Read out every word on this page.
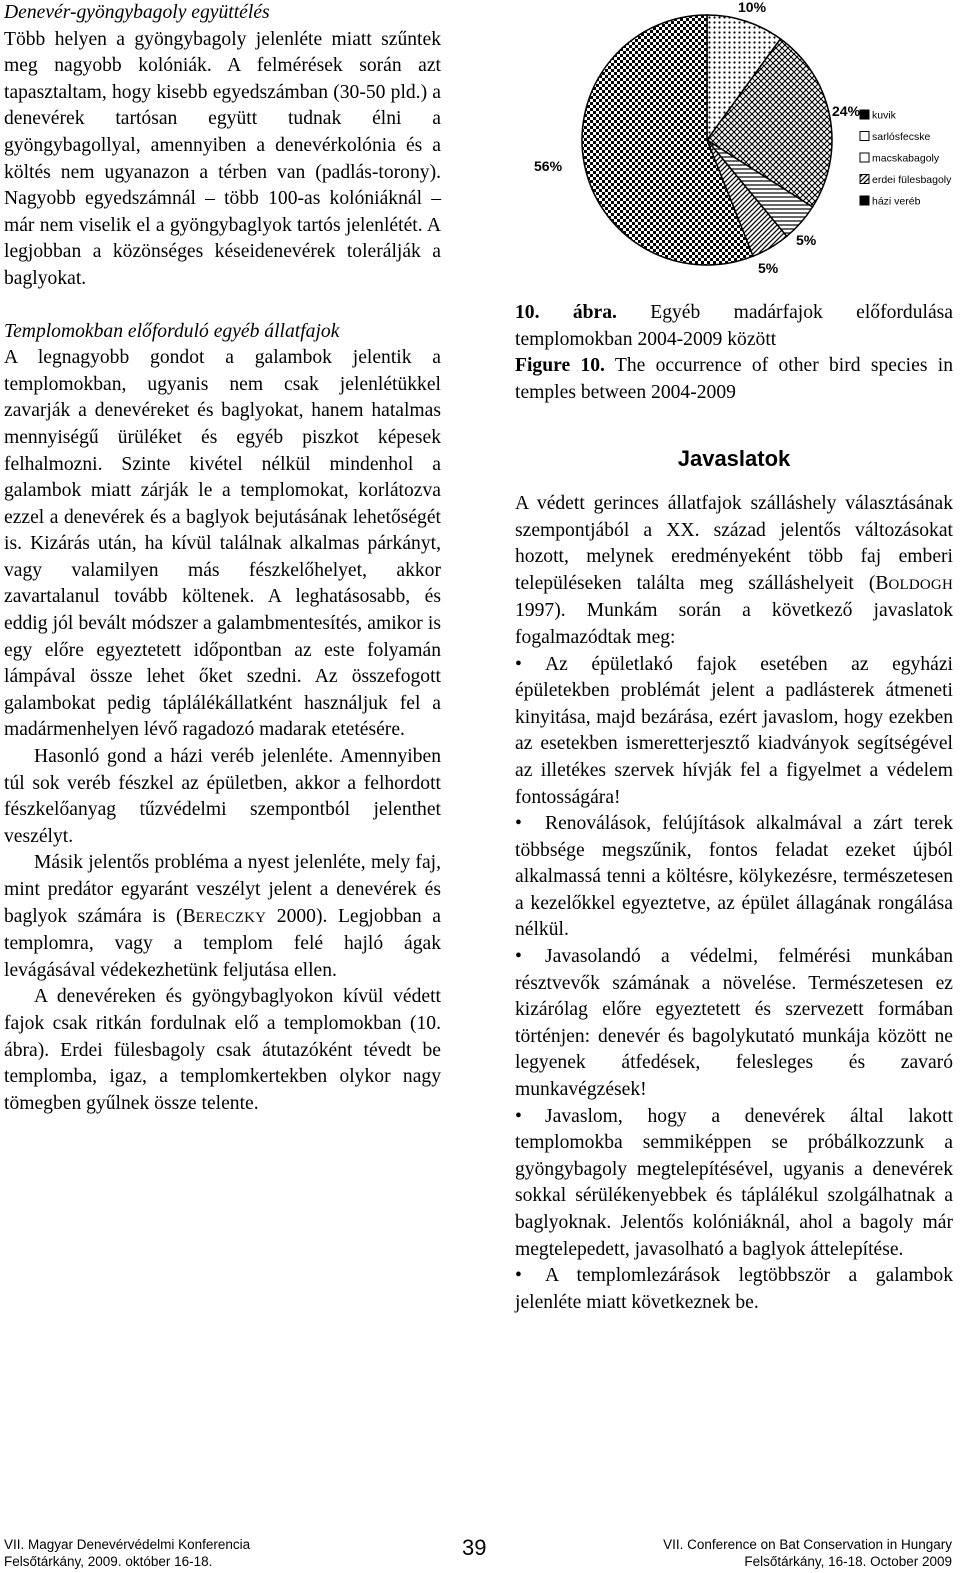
Denevér-gyöngybagoly együttélés

Több helyen a gyöngybagoly jelenléte miatt szűntek meg nagyobb kolóniák. A felmérések során azt tapasztaltam, hogy kisebb egyedszámban (30-50 pld.) a denevérek tartósan együtt tudnak élni a gyöngybagollyal, amennyiben a denevérkolónia és a költés nem ugyanazon a térben van (padlás-torony). Nagyobb egyedszámnál – több 100-as kolóniáknál – már nem viselik el a gyöngybaglyok tartós jelenlétét. A legjobban a közönséges késeidenevérek tolerálják a baglyokat.

Templomokban előforduló egyéb állatfajok

A legnagyobb gondot a galambok jelentik a templomokban, ugyanis nem csak jelenlétükkel zavarják a denevéreket és baglyokat, hanem hatalmas mennyiségű ürüléket és egyéb piszkot képesek felhalmozni. Szinte kivétel nélkül mindenhol a galambok miatt zárják le a templomokat, korlátozva ezzel a denevérek és a baglyok bejutásának lehetőségét is. Kizárás után, ha kívül találnak alkalmas párkányt, vagy valamilyen más fészkelőhelyet, akkor zavartalanul tovább költenek. A leghatásosabb, és eddig jól bevált módszer a galambmentesítés, amikor is egy előre egyeztetett időpontban az este folyamán lámpával össze lehet őket szedni. Az összefogott galambokat pedig táplálékállatként használjuk fel a madármenhelyen lévő ragadozó madarak etetésére.

Hasonló gond a házi veréb jelenléte. Amennyiben túl sok veréb fészkel az épületben, akkor a felhordott fészkelőanyag tűzvédelmi szempontból jelenthet veszélyt.

Másik jelentős probléma a nyest jelenléte, mely faj, mint predátor egyaránt veszélyt jelent a denevérek és baglyok számára is (BERECZKY 2000). Legjobban a templomra, vagy a templom felé hajló ágak levágásával védekezhetünk feljutása ellen.

A denevéreken és gyöngybaglyokon kívül védett fajok csak ritkán fordulnak elő a templomokban (10. ábra). Erdei fülesbagoly csak átutazóként tévedt be templomba, igaz, a templomkertekben olykor nagy tömegben gyűlnek össze telente.

10%
24%
5%
5%
56%
kuvik
sarlósfecske
macskabagoly
erdei fülesbagoly
házi veréb

10. ábra. Egyéb madárfajok előfordulása templomokban 2004-2009 között

Figure 10. The occurrence of other bird species in temples between 2004-2009

Javaslatok

A védett gerinces állatfajok szálláshely választásának szempontjából a XX. század jelentős változásokat hozott, melynek eredményeként több faj emberi településeken találta meg szálláshelyeit (BOLDOGH 1997). Munkám során a következő javaslatok fogalmazódtak meg:

• Az épületlakó fajok esetében az egyházi épületekben problémát jelent a padlásterek átmeneti kinyitása, majd bezárása, ezért javaslom, hogy ezekben az esetekben ismeretterjesztő kiadványok segítségével az illetékes szervek hívják fel a figyelmet a védelem fontosságára!

• Renoválások, felújítások alkalmával a zárt terek többsége megszűnik, fontos feladat ezeket újból alkalmassá tenni a költésre, kölykezésre, természetesen a kezelőkkel egyeztetve, az épület állagának rongálása nélkül.

• Javasolandó a védelmi, felmérési munkában résztvevők számának a növelése. Természetesen ez kizárólag előre egyeztetett és szervezett formában történjen: denevér és bagolykutató munkája között ne legyenek átfedések, felesleges és zavaró munkavégzések!

• Javaslom, hogy a denevérek által lakott templomokba semmiképpen se próbálkozzunk a gyöngybagoly megtelepítésével, ugyanis a denevérek sokkal sérülékenyebbek és táplálékul szolgálhatnak a baglyoknak. Jelentős kolóniáknál, ahol a bagoly már megtelepedett, javasolható a baglyok áttelepítése.

• A templomlezárások legtöbbször a galambok jelenléte miatt következnek be.

VII. Magyar Denevérvédelmi Konferencia
Felsőtárkány, 2009. október 16-18.
39	VII. Conference on Bat Conservation in Hungary
Felsőtárkány, 16-18. October 2009
